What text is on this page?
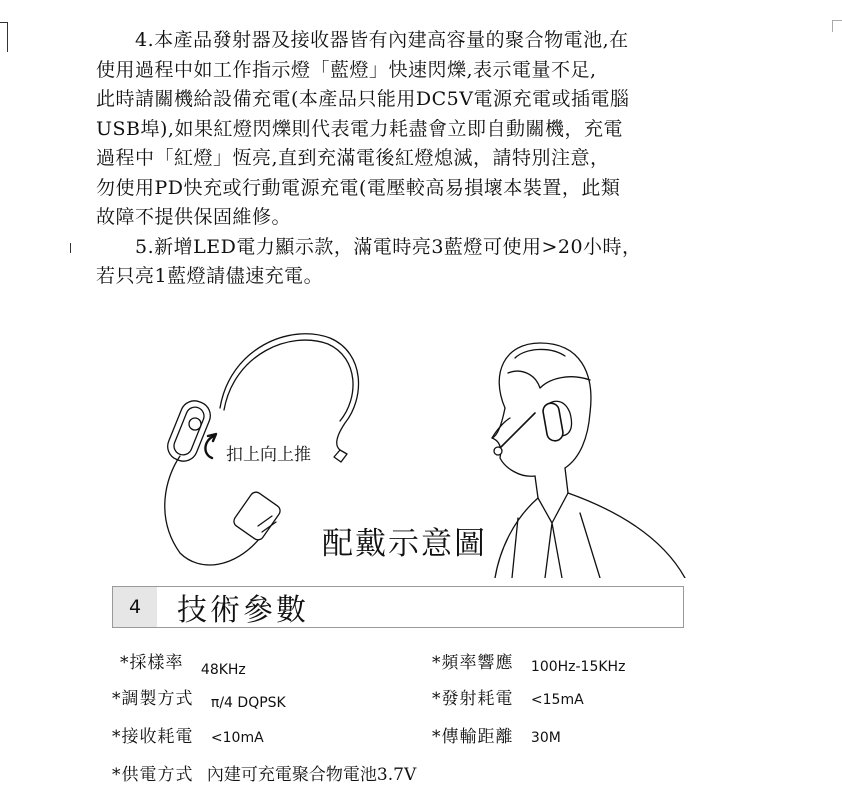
　　4.本產品發射器及接收器皆有內建高容量的聚合物電池,在

使用過程中如工作指示燈「藍燈」快速閃爍,表示電量不足,

此時請關機給設備充電(本產品只能用DC5V電源充電或插電腦

USB埠),如果紅燈閃爍則代表電力耗盡會立即自動關機，充電

過程中「紅燈」恆亮,直到充滿電後紅燈熄滅，請特別注意，

勿使用PD快充或行動電源充電(電壓較高易損壞本裝置，此類

故障不提供保固維修。

　　5.新增LED電力顯示款，滿電時亮3藍燈可使用>20小時，

若只亮1藍燈請儘速充電。

扣上向上推
配戴示意圖
4	技術參數
*採樣率 $_{48KHz}$	*頻率響應 100Hz-15KHz
*調製方式 π/4 DQPSK	*發射耗電 <15mA
*接收耗電 <10mA	*傳輸距離 30M
*供電方式 內建可充電聚合物電池3.7V
